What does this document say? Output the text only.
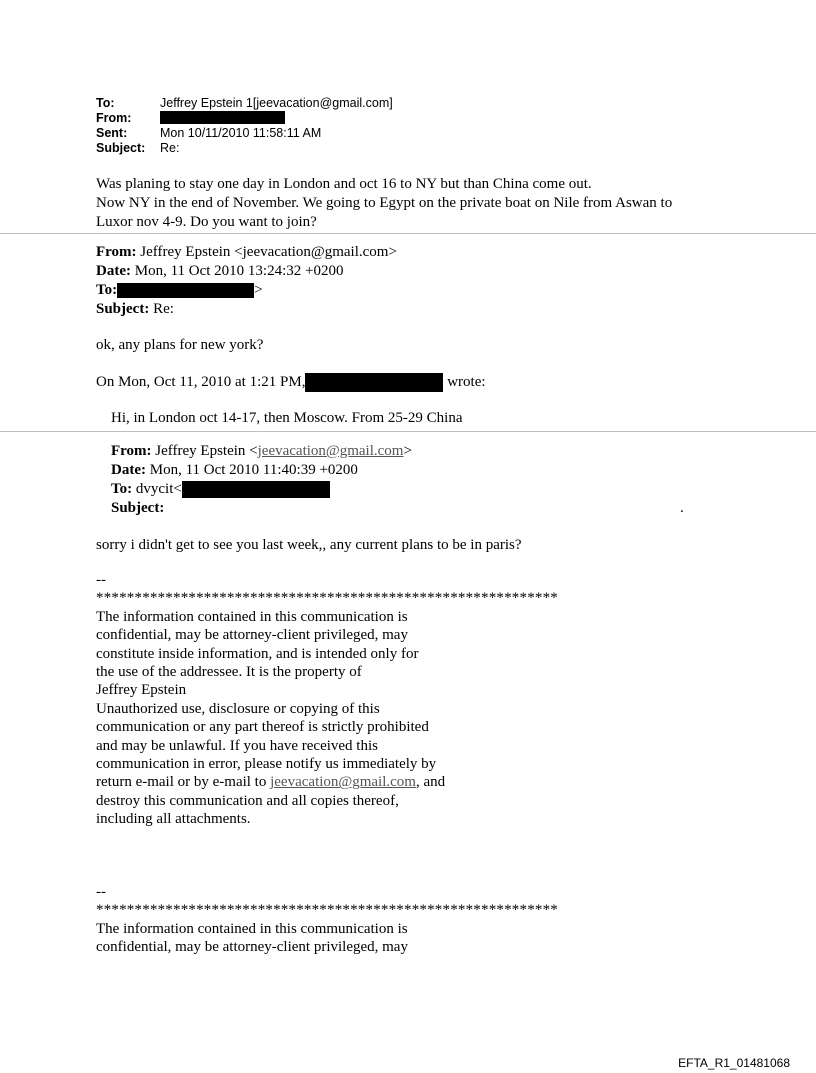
To:	Jeffrey Epstein 1[jeevacation@gmail.com]
From:
Sent:	Mon 10/11/2010 11:58:11 AM
Subject:	Re:

Was planing to stay one day in London and oct 16 to NY but than China come out.

Now NY in the end of November. We going to Egypt on the private boat on Nile from Aswan to

Luxor nov 4-9. Do you want to join?

From: Jeffrey Epstein <jeevacation@gmail.com>

Date: Mon, 11 Oct 2010 13:24:32 +0200

To:	>

Subject: Re:

ok, any plans for new york?

On Mon, Oct 11, 2010 at 1:21 PM,	wrote:

Hi, in London oct 14-17, then Moscow. From 25-29 China

From: Jeffrey Epstein <jeevacation@gmail.com>

Date: Mon, 11 Oct 2010 11:40:39 +0200

To: dvycit<

Subject:	.

sorry i didn't get to see you last week,, any current plans to be in paris?

--

************************************************************

The information contained in this communication is

confidential, may be attorney-client privileged, may

constitute inside information, and is intended only for

the use of the addressee. It is the property of

Jeffrey Epstein

Unauthorized use, disclosure or copying of this

communication or any part thereof is strictly prohibited

and may be unlawful. If you have received this

communication in error, please notify us immediately by

return e-mail or by e-mail to jeevacation@gmail.com, and

destroy this communication and all copies thereof,

including all attachments.

--

************************************************************

The information contained in this communication is

confidential, may be attorney-client privileged, may

EFTA_R1_01481068
